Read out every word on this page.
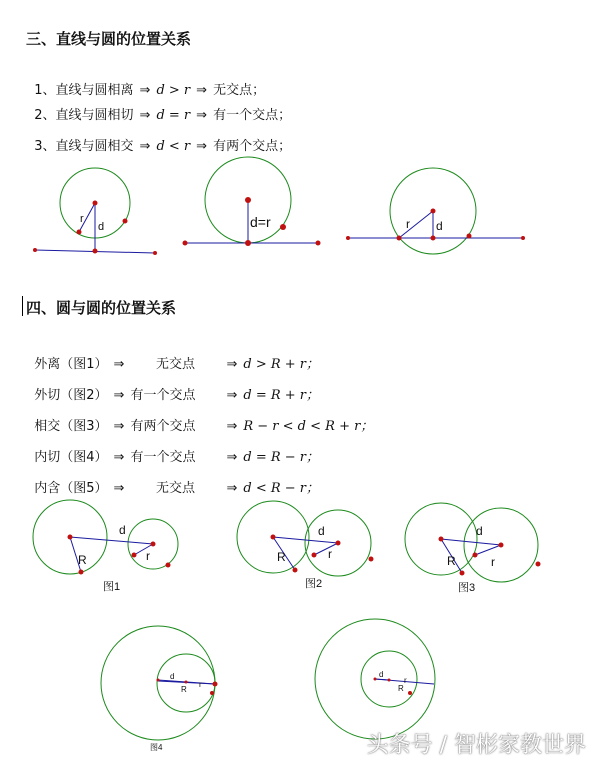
三、直线与圆的位置关系

1、直线与圆相离 ⇒ d > r ⇒ 无交点；

2、直线与圆相切 ⇒ d = r ⇒ 有一个交点；

3、直线与圆相交 ⇒ d < r ⇒ 有两个交点；

四、圆与圆的位置关系

外离（图1） ⇒ 无交点 ⇒ d > R + r；

外切（图2） ⇒ 有一个交点 ⇒ d = R + r；

相交（图3） ⇒ 有两个交点 ⇒ R − r < d < R + r；

内切（图4） ⇒ 有一个交点 ⇒ d = R − r；

内含（图5） ⇒ 无交点 ⇒ d < R − r；

r
d	d=r	r d
d
R	r
图1
d
R	r
图2
d
R	r
图3
d
R
r
图4
d
R
r
头条号 / 智彬家教世界
